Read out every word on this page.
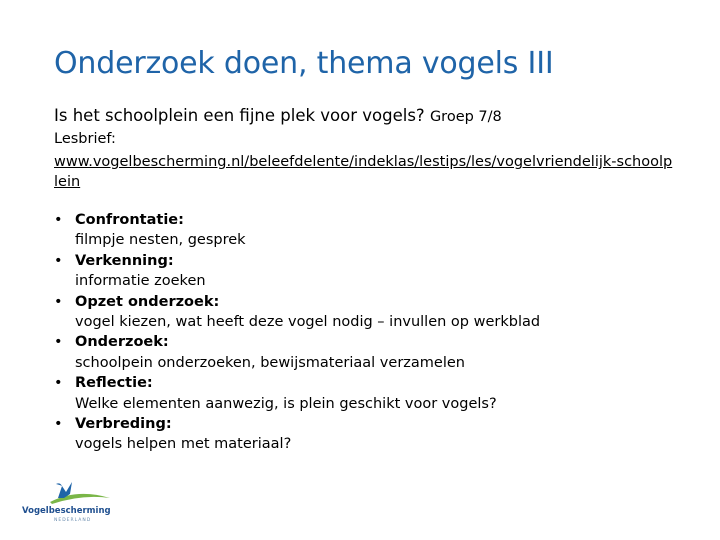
Onderzoek doen, thema vogels III
Is het schoolplein een fijne plek voor vogels? Groep 7/8
Lesbrief:
www.vogelbescherming.nl/beleefdelente/indeklas/lestips/les/vogelvriendelijk-schoolplein
• Confrontatie:
filmpje nesten, gesprek
• Verkenning:
informatie zoeken
• Opzet onderzoek:
vogel kiezen, wat heeft deze vogel nodig – invullen op werkblad
• Onderzoek:
schoolpein onderzoeken, bewijsmateriaal verzamelen
• Reflectie:
Welke elementen aanwezig, is plein geschikt voor vogels?
• Verbreding:
vogels helpen met materiaal?
Vogelbescherming
NEDERLAND
